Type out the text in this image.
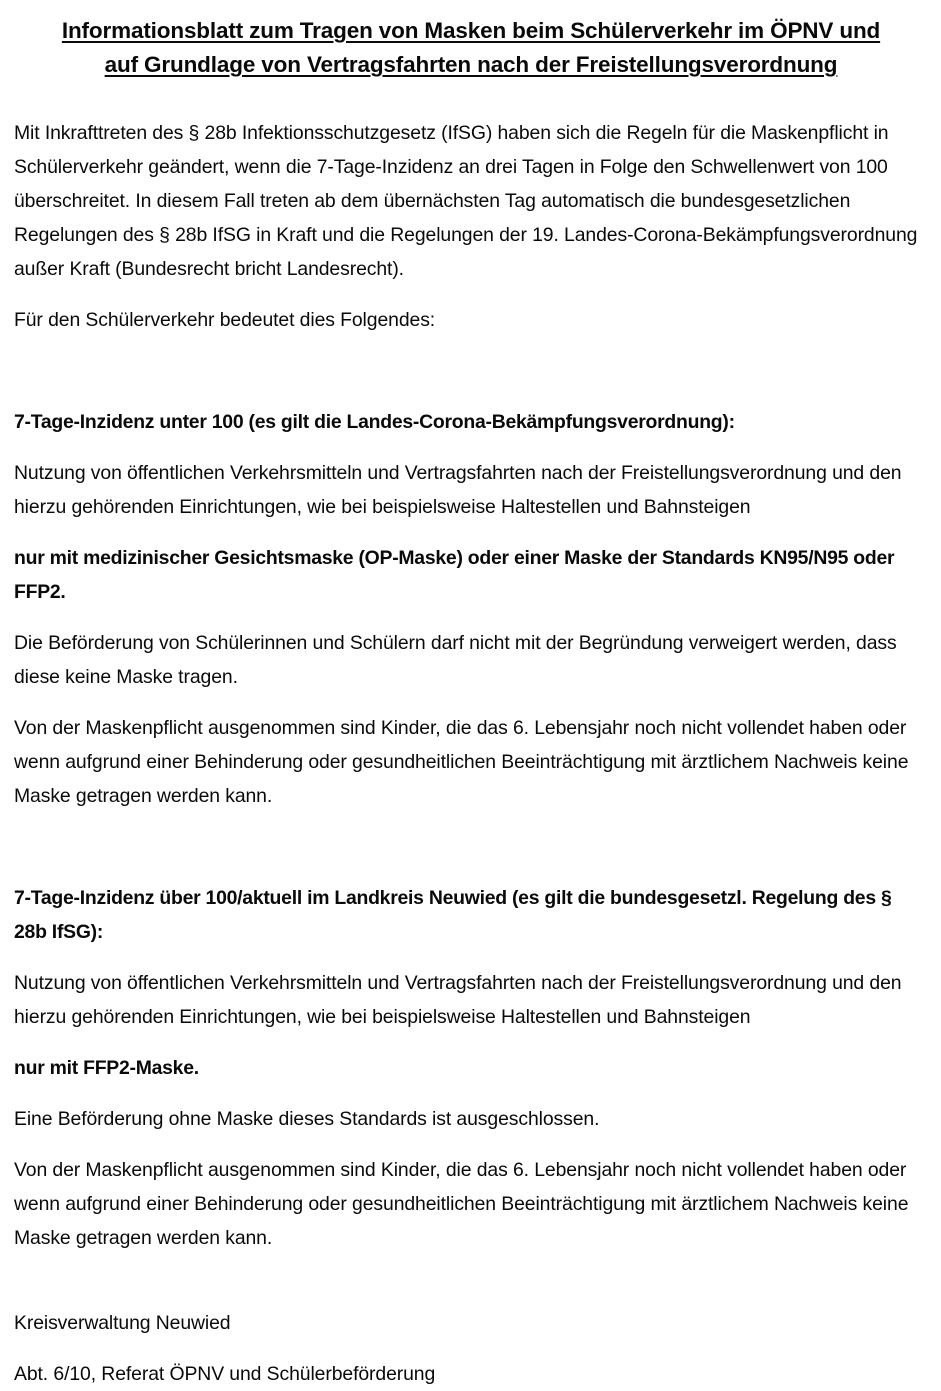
Informationsblatt zum Tragen von Masken beim Schülerverkehr im ÖPNV und
auf Grundlage von Vertragsfahrten nach der Freistellungsverordnung

Mit Inkrafttreten des § 28b Infektionsschutzgesetz (IfSG) haben sich die Regeln für die Maskenpflicht in Schülerverkehr geändert, wenn die 7-Tage-Inzidenz an drei Tagen in Folge den Schwellenwert von 100 überschreitet. In diesem Fall treten ab dem übernächsten Tag automatisch die bundesgesetzlichen Regelungen des § 28b IfSG in Kraft und die Regelungen der 19. Landes-Corona-Bekämpfungsverordnung außer Kraft (Bundesrecht bricht Landesrecht).

Für den Schülerverkehr bedeutet dies Folgendes:

7-Tage-Inzidenz unter 100 (es gilt die Landes-Corona-Bekämpfungsverordnung):

Nutzung von öffentlichen Verkehrsmitteln und Vertragsfahrten nach der Freistellungsverordnung und den hierzu gehörenden Einrichtungen, wie bei beispielsweise Haltestellen und Bahnsteigen

nur mit medizinischer Gesichtsmaske (OP-Maske) oder einer Maske der Standards KN95/N95 oder FFP2.

Die Beförderung von Schülerinnen und Schülern darf nicht mit der Begründung verweigert werden, dass diese keine Maske tragen.

Von der Maskenpflicht ausgenommen sind Kinder, die das 6. Lebensjahr noch nicht vollendet haben oder wenn aufgrund einer Behinderung oder gesundheitlichen Beeinträchtigung mit ärztlichem Nachweis keine Maske getragen werden kann.

7-Tage-Inzidenz über 100/aktuell im Landkreis Neuwied (es gilt die bundesgesetzl. Regelung des § 28b IfSG):

Nutzung von öffentlichen Verkehrsmitteln und Vertragsfahrten nach der Freistellungsverordnung und den hierzu gehörenden Einrichtungen, wie bei beispielsweise Haltestellen und Bahnsteigen

nur mit FFP2-Maske.

Eine Beförderung ohne Maske dieses Standards ist ausgeschlossen.

Von der Maskenpflicht ausgenommen sind Kinder, die das 6. Lebensjahr noch nicht vollendet haben oder wenn aufgrund einer Behinderung oder gesundheitlichen Beeinträchtigung mit ärztlichem Nachweis keine Maske getragen werden kann.

Kreisverwaltung Neuwied

Abt. 6/10, Referat ÖPNV und Schülerbeförderung
